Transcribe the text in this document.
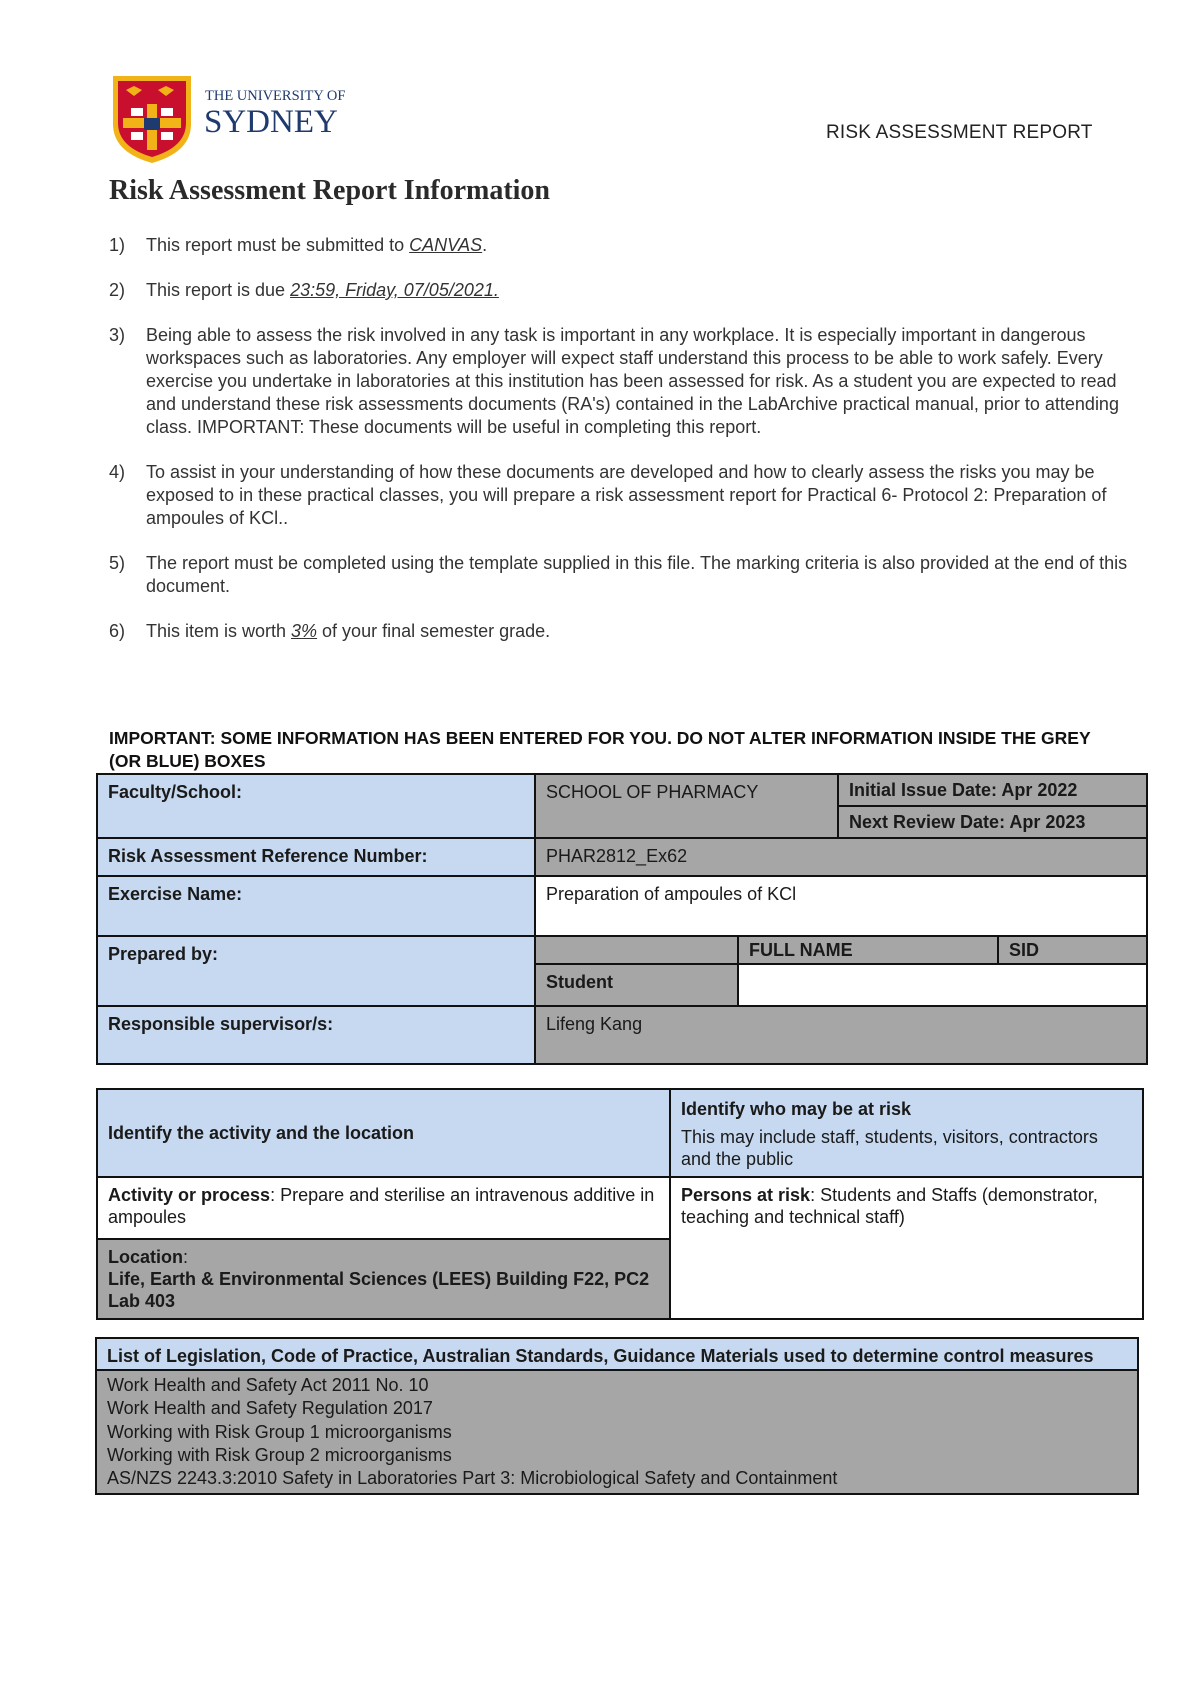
THE UNIVERSITY OF
SYDNEY	RISK ASSESSMENT REPORT
Risk Assessment Report Information
1) This report must be submitted to CANVAS.
2) This report is due 23:59, Friday, 07/05/2021.
3) Being able to assess the risk involved in any task is important in any workplace. It is especially important in dangerous workspaces such as laboratories. Any employer will expect staff understand this process to be able to work safely. Every exercise you undertake in laboratories at this institution has been assessed for risk. As a student you are expected to read and understand these risk assessments documents (RA's) contained in the LabArchive practical manual, prior to attending class. IMPORTANT: These documents will be useful in completing this report.
4) To assist in your understanding of how these documents are developed and how to clearly assess the risks you may be exposed to in these practical classes, you will prepare a risk assessment report for Practical 6- Protocol 2: Preparation of ampoules of KCl..
5) The report must be completed using the template supplied in this file. The marking criteria is also provided at the end of this document.
6) This item is worth 3% of your final semester grade.

IMPORTANT: SOME INFORMATION HAS BEEN ENTERED FOR YOU. DO NOT ALTER INFORMATION INSIDE THE GREY (OR BLUE) BOXES

Faculty/School:	SCHOOL OF PHARMACY		Initial Issue Date: Apr 2022	
			Next Review Date: Apr 2023	
Risk Assessment Reference Number:	PHAR2812_Ex62			
Exercise Name:	Preparation of ampoules of KCl			
Prepared by:		FULL NAME		SID
	Student			
Responsible supervisor/s:	Lifeng Kang			
Identify the activity and the location	Identify who may be at risk
This may include staff, students, visitors, contractors and the public

Activity or process: Prepare and sterilise an intravenous additive in ampoules	Persons at risk: Students and Staffs (demonstrator, teaching and technical staff)
Location:
Life, Earth & Environmental Sciences (LEES) Building F22, PC2 Lab 403	
List of Legislation, Code of Practice, Australian Standards, Guidance Materials used to determine control measures

Work Health and Safety Act 2011 No. 10
Work Health and Safety Regulation 2017
Working with Risk Group 1 microorganisms
Working with Risk Group 2 microorganisms
AS/NZS 2243.3:2010 Safety in Laboratories Part 3: Microbiological Safety and Containment
